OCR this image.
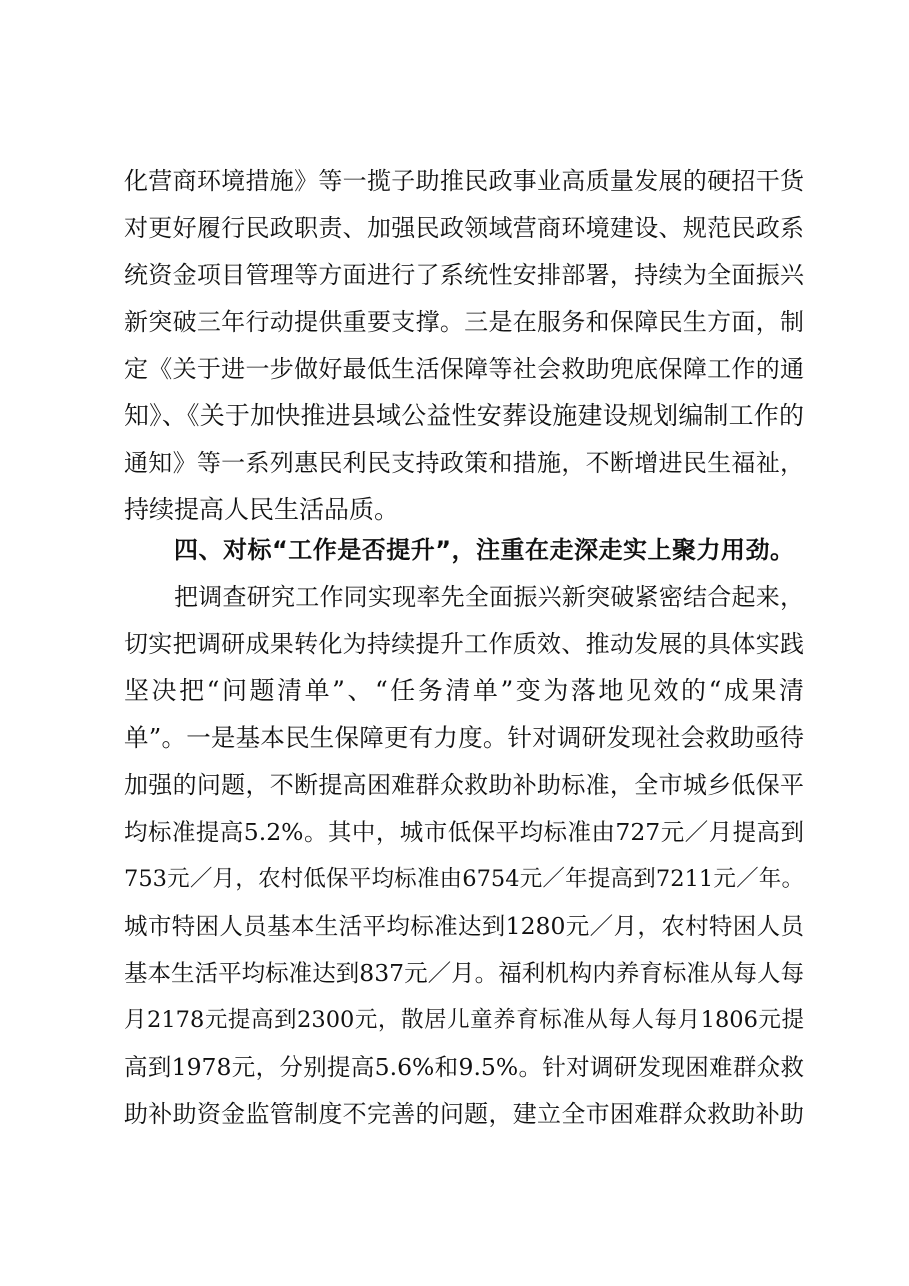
化营商环境措施》等一揽子助推民政事业高质量发展的硬招干货
对更好履行民政职责、加强民政领域营商环境建设、规范民政系
统资金项目管理等方面进行了系统性安排部署，持续为全面振兴
新突破三年行动提供重要支撑。三是在服务和保障民生方面，制
定《关于进一步做好最低生活保障等社会救助兜底保障工作的通
知》、《关于加快推进县域公益性安葬设施建设规划编制工作的
通知》等一系列惠民利民支持政策和措施，不断增进民生福祉，
持续提高人民生活品质。
四、对标“工作是否提升”，注重在走深走实上聚力用劲。
把调查研究工作同实现率先全面振兴新突破紧密结合起来，
切实把调研成果转化为持续提升工作质效、推动发展的具体实践
坚决把“问题清单”、“任务清单”变为落地见效的“成果清
单”。一是基本民生保障更有力度。针对调研发现社会救助亟待
加强的问题，不断提高困难群众救助补助标准，全市城乡低保平
均标准提高5.2%。其中，城市低保平均标准由727元／月提高到
753元／月，农村低保平均标准由6754元／年提高到7211元／年。
城市特困人员基本生活平均标准达到1280元／月，农村特困人员
基本生活平均标准达到837元／月。福利机构内养育标准从每人每
月2178元提高到2300元，散居儿童养育标准从每人每月1806元提
高到1978元，分别提高5.6%和9.5%。针对调研发现困难群众救
助补助资金监管制度不完善的问题，建立全市困难群众救助补助
